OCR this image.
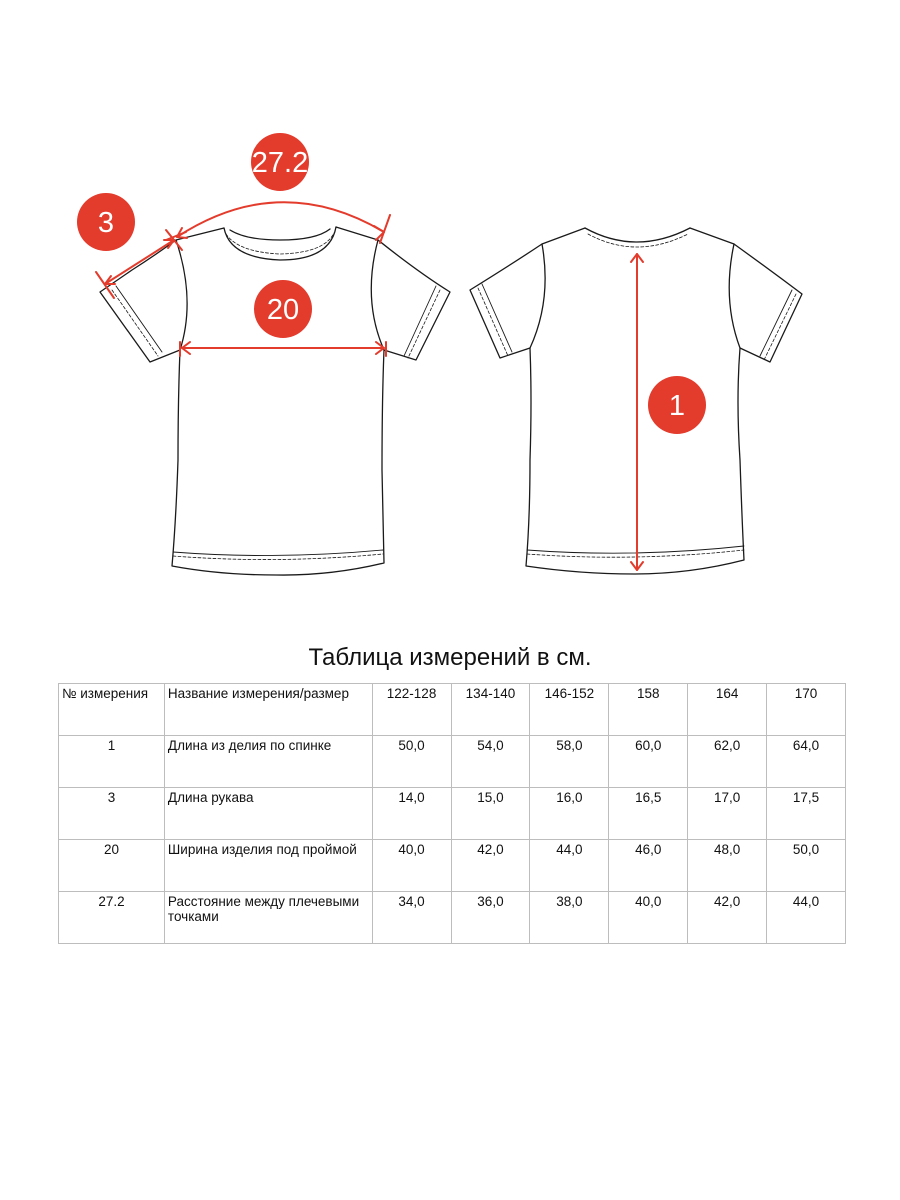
3
27.2
20
1
Таблица измерений в см.
№ измерения	Название измерения/размер	122-128	134-140	146-152	158	164	170
1	Длина из делия по спинке	50,0	54,0	58,0	60,0	62,0	64,0
3	Длина рукава	14,0	15,0	16,0	16,5	17,0	17,5
20	Ширина изделия под проймой	40,0	42,0	44,0	46,0	48,0	50,0
27.2	Расстояние между плечевыми точками	34,0	36,0	38,0	40,0	42,0	44,0
